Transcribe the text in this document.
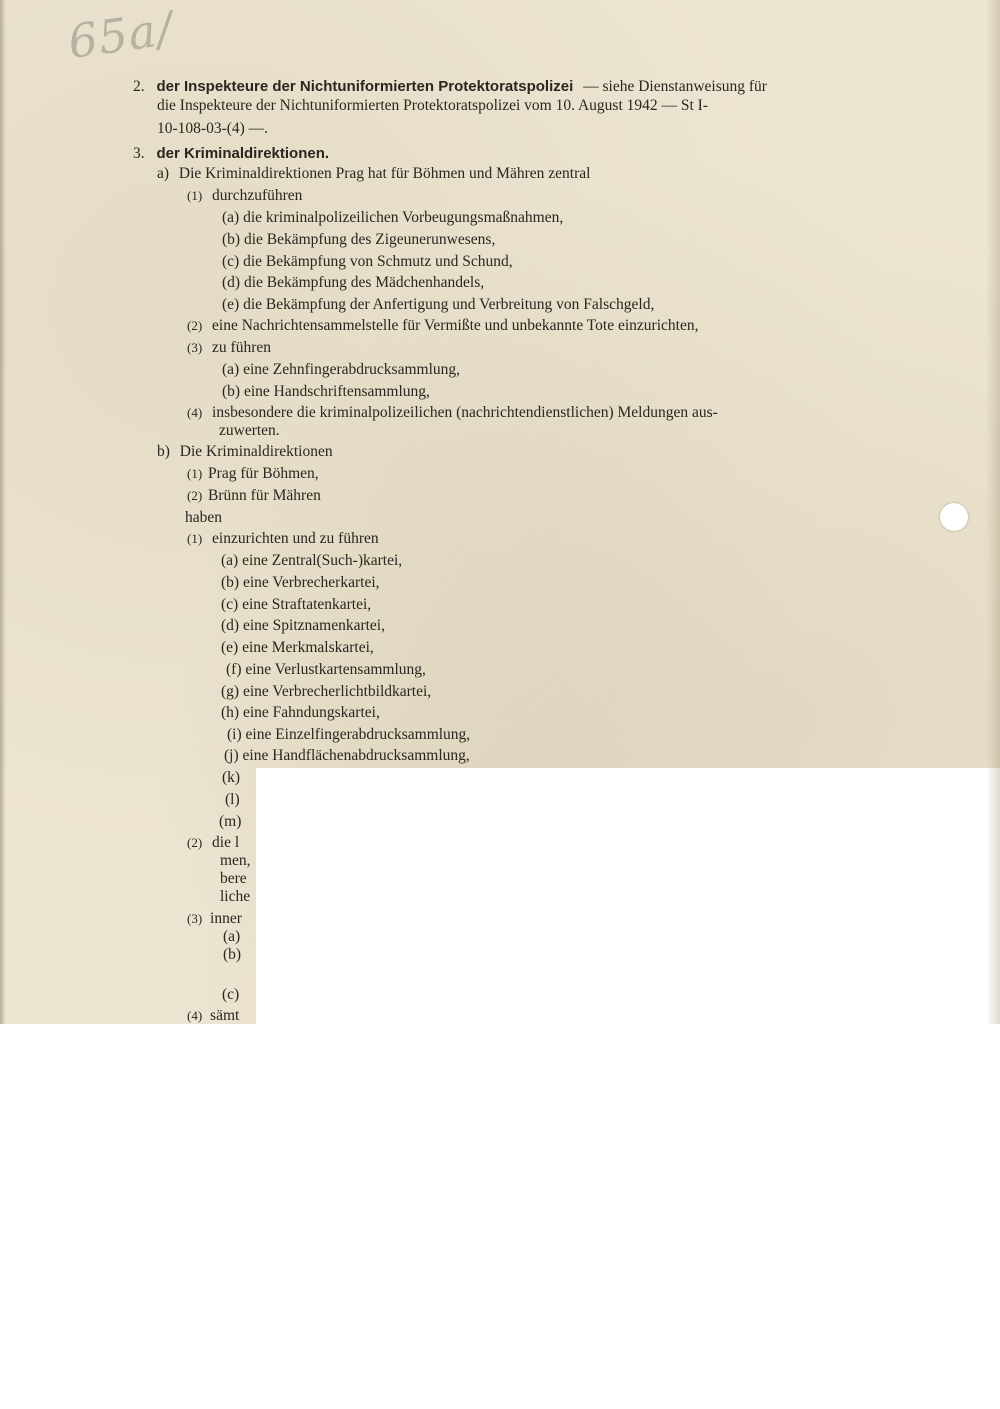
65a/
2. der Inspekteure der Nichtuniformierten Protektoratspolizei — siehe Dienstanweisung für
die Inspekteure der Nichtuniformierten Protektoratspolizei vom 10. August 1942 — St I-
10-108-03-(4) —.
3. der Kriminaldirektionen.
a) Die Kriminaldirektionen Prag hat für Böhmen und Mähren zentral
(1) durchzuführen
(a) die kriminalpolizeilichen Vorbeugungsmaßnahmen,
(b) die Bekämpfung des Zigeunerunwesens,
(c) die Bekämpfung von Schmutz und Schund,
(d) die Bekämpfung des Mädchenhandels,
(e) die Bekämpfung der Anfertigung und Verbreitung von Falschgeld,
(2) eine Nachrichtensammelstelle für Vermißte und unbekannte Tote einzurichten,
(3) zu führen
(a) eine Zehnfingerabdrucksammlung,
(b) eine Handschriftensammlung,
(4) insbesondere die kriminalpolizeilichen (nachrichtendienstlichen) Meldungen aus-
zuwerten.
b) Die Kriminaldirektionen
(1) Prag für Böhmen,
(2) Brünn für Mähren
haben
(1) einzurichten und zu führen
(a) eine Zentral(Such-)kartei,
(b) eine Verbrecherkartei,
(c) eine Straftatenkartei,
(d) eine Spitznamenkartei,
(e) eine Merkmalskartei,
(f) eine Verlustkartensammlung,
(g) eine Verbrecherlichtbildkartei,
(h) eine Fahndungskartei,
(i) eine Einzelfingerabdrucksammlung,
(j) eine Handflächenabdrucksammlung,
(k)
(l)
(m)
(2) die l
men,
bere
liche
(3) inner
(a)
(b)
(c)
(4) sämt
